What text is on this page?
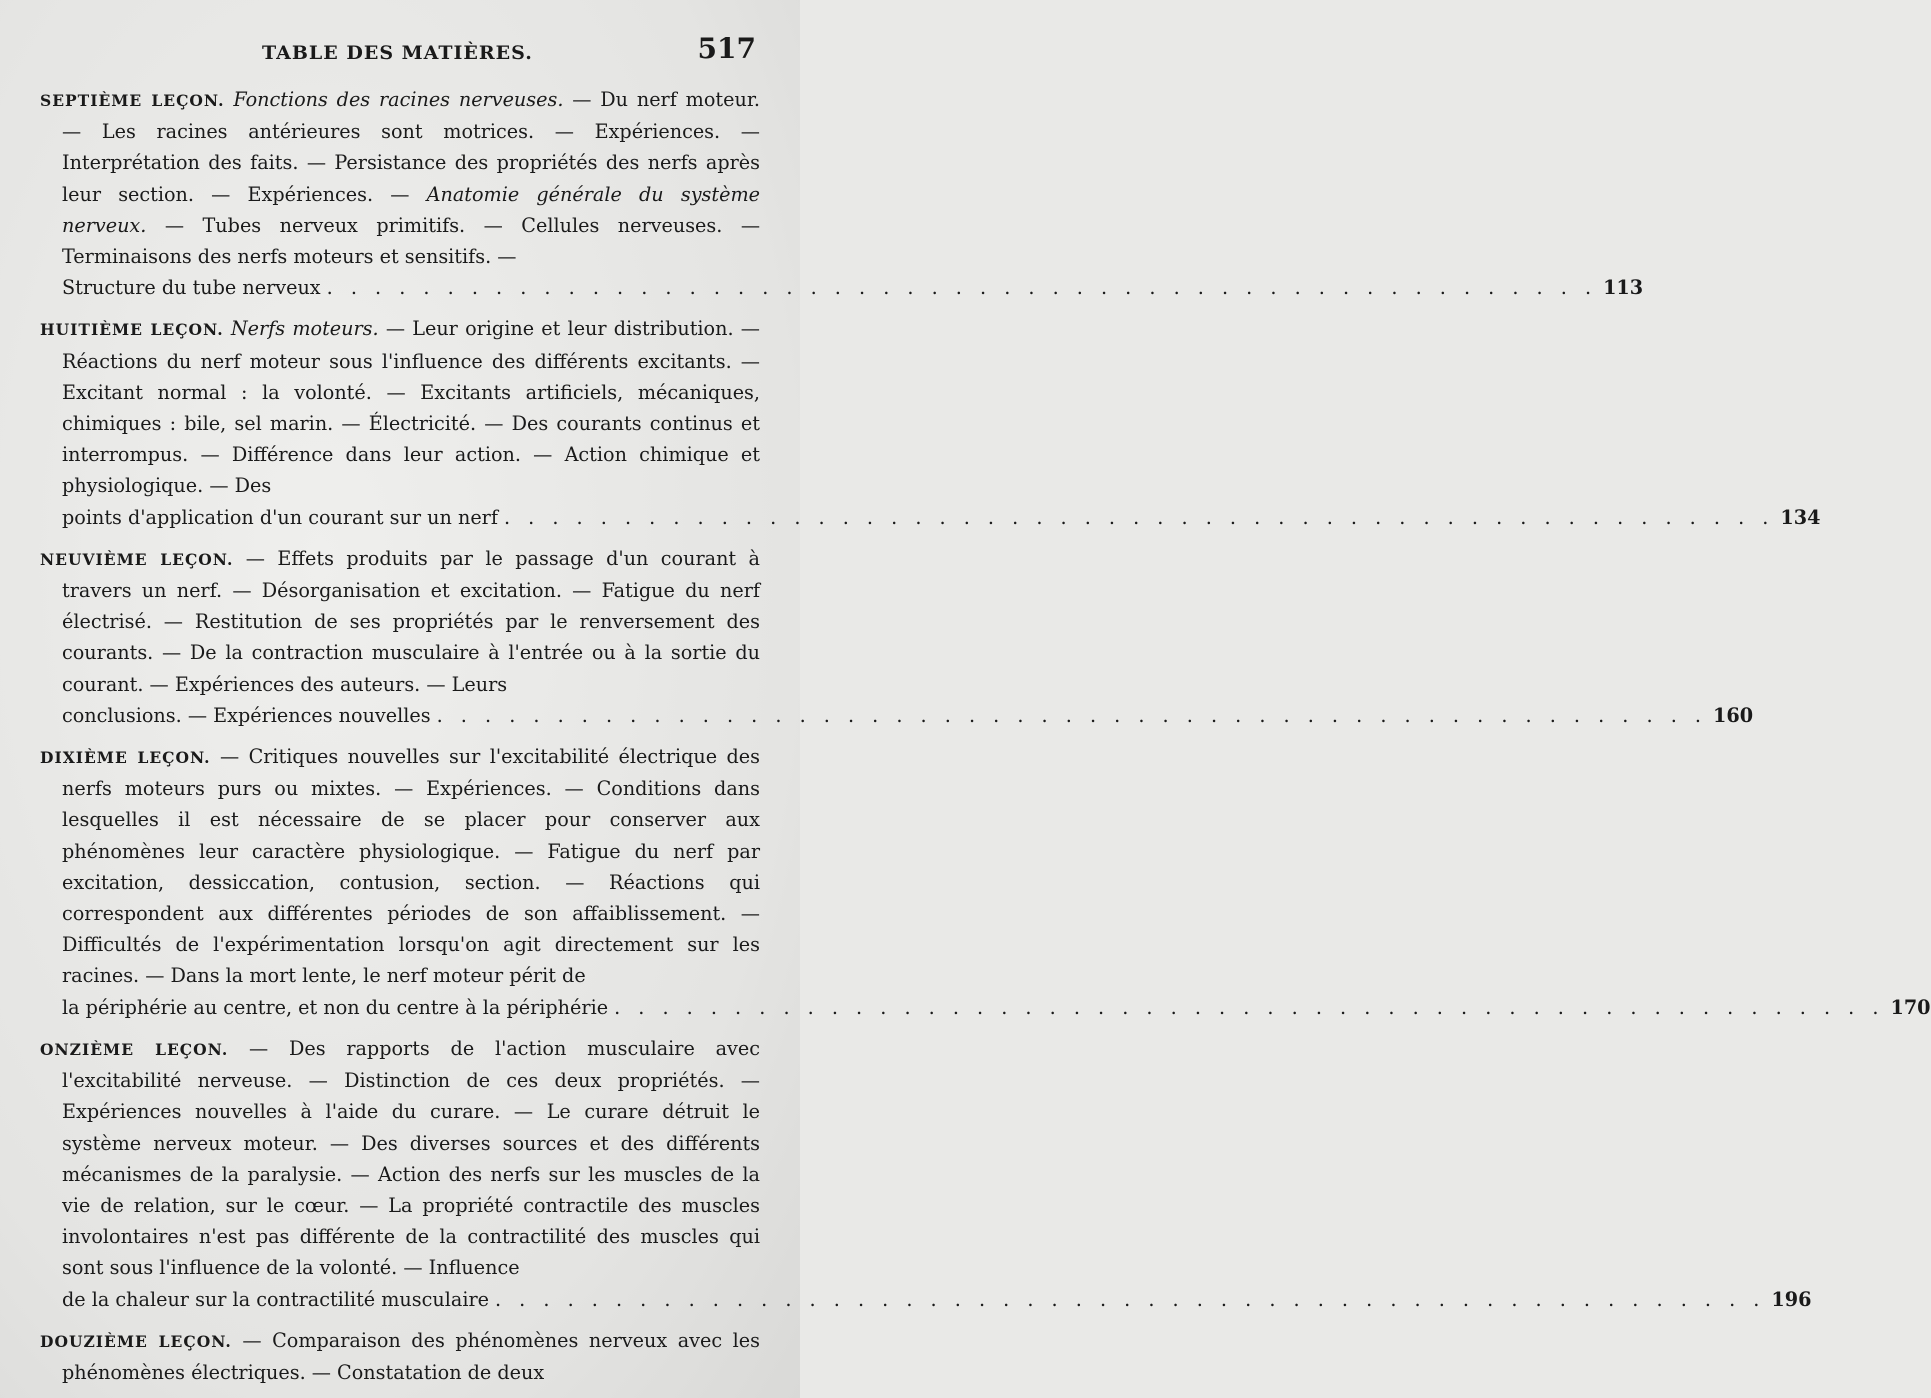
TABLE DES MATIÈRES.	517

SEPTIÈME LEÇON. Fonctions des racines nerveuses. — Du nerf moteur. — Les racines antérieures sont motrices. — Expériences. — Interprétation des faits. — Persistance des propriétés des nerfs après leur section. — Expériences. — Anatomie générale du système nerveux. — Tubes nerveux primitifs. — Cellules nerveuses. — Terminaisons des nerfs moteurs et sensitifs. —

Structure du tube nerveux . . . . . . . . . . . . . . . . . . . . . . . . . . . . . . . . . . . . . . . . . . . . . . . . . . . . . 113

HUITIÈME LEÇON. Nerfs moteurs. — Leur origine et leur distribution. — Réactions du nerf moteur sous l'influence des différents excitants. — Excitant normal : la volonté. — Excitants artificiels, mécaniques, chimiques : bile, sel marin. — Électricité. — Des courants continus et interrompus. — Différence dans leur action. — Action chimique et physiologique. — Des

points d'application d'un courant sur un nerf . . . . . . . . . . . . . . . . . . . . . . . . . . . . . . . . . . . . . . . . . . . . . . . . . . . . . 134

NEUVIÈME LEÇON. — Effets produits par le passage d'un courant à travers un nerf. — Désorganisation et excitation. — Fatigue du nerf électrisé. — Restitution de ses propriétés par le renversement des courants. — De la contraction musculaire à l'entrée ou à la sortie du courant. — Expériences des auteurs. — Leurs

conclusions. — Expériences nouvelles . . . . . . . . . . . . . . . . . . . . . . . . . . . . . . . . . . . . . . . . . . . . . . . . . . . . . 160

DIXIÈME LEÇON. — Critiques nouvelles sur l'excitabilité électrique des nerfs moteurs purs ou mixtes. — Expériences. — Conditions dans lesquelles il est nécessaire de se placer pour conserver aux phénomènes leur caractère physiologique. — Fatigue du nerf par excitation, dessiccation, contusion, section. — Réactions qui correspondent aux différentes périodes de son affaiblissement. — Difficultés de l'expérimentation lorsqu'on agit directement sur les racines. — Dans la mort lente, le nerf moteur périt de

la périphérie au centre, et non du centre à la périphérie . . . . . . . . . . . . . . . . . . . . . . . . . . . . . . . . . . . . . . . . . . . . . . . . . . . . . 170

ONZIÈME LEÇON. — Des rapports de l'action musculaire avec l'excitabilité nerveuse. — Distinction de ces deux propriétés. — Expériences nouvelles à l'aide du curare. — Le curare détruit le système nerveux moteur. — Des diverses sources et des différents mécanismes de la paralysie. — Action des nerfs sur les muscles de la vie de relation, sur le cœur. — La propriété contractile des muscles involontaires n'est pas différente de la contractilité des muscles qui sont sous l'influence de la volonté. — Influence

de la chaleur sur la contractilité musculaire . . . . . . . . . . . . . . . . . . . . . . . . . . . . . . . . . . . . . . . . . . . . . . . . . . . . . 196

DOUZIÈME LEÇON. — Comparaison des phénomènes nerveux avec les phénomènes électriques. — Constatation de deux
